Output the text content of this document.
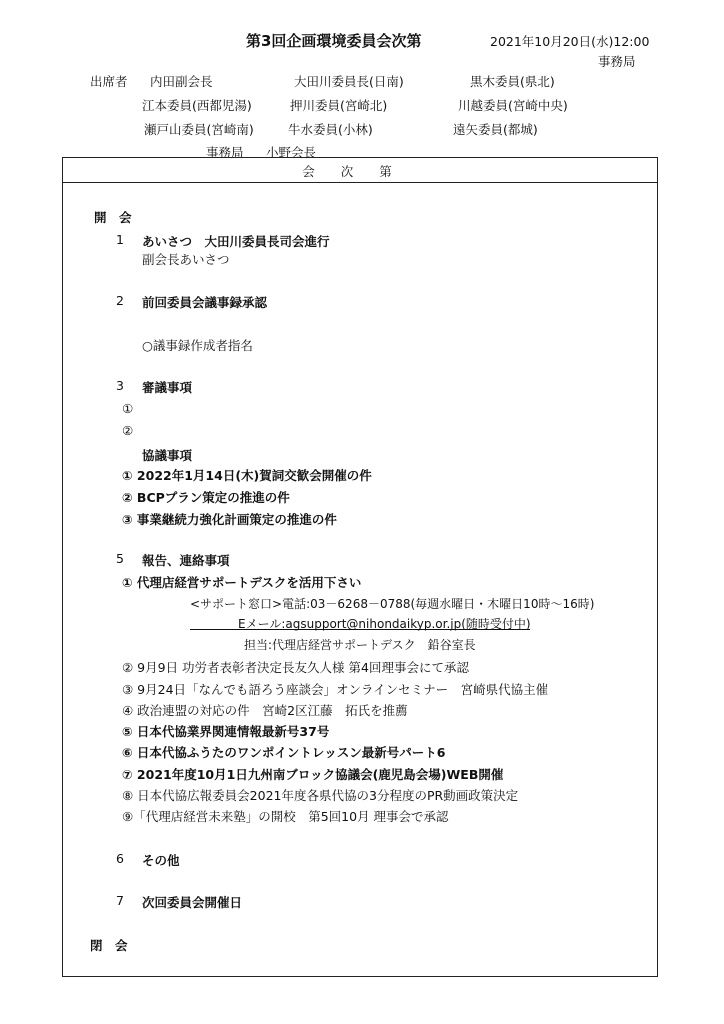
第3回企画環境委員会次第	2021年10月20日(水)12:00
事務局
出席者 内田副会長	大田川委員長(日南)	黒木委員(県北)
江本委員(西都児湯)	押川委員(宮崎北)	川越委員(宮崎中央)
瀬戸山委員(宮崎南)	牛水委員(小林)	遠矢委員(都城)
事務局 小野会長
会次第
開　会
1 あいさつ　大田川委員長司会進行
副会長あいさつ
2 前回委員会議事録承認
○議事録作成者指名
3 審議事項
①
②
協議事項
① 2022年1月14日(木)賀詞交歓会開催の件
② BCPプラン策定の推進の件
③ 事業継続力強化計画策定の推進の件
5 報告、連絡事項
① 代理店経営サポートデスクを活用下さい
<サポート窓口>電話:03－6268－0788(毎週水曜日・木曜日10時～16時)
Eメール:agsupport@nihondaikyp.or.jp(随時受付中)
担当:代理店経営サポートデスク　鉛谷室長
② 9月9日 功労者表彰者決定長友久人様 第4回理事会にて承認
③ 9月24日「なんでも語ろう座談会」オンラインセミナー　宮崎県代協主催
④ 政治連盟の対応の件　宮崎2区江藤　拓氏を推薦
⑤ 日本代協業界関連情報最新号37号
⑥ 日本代協ふうたのワンポイントレッスン最新号パート6
⑦ 2021年度10月1日九州南ブロック協議会(鹿児島会場)WEB開催
⑧ 日本代協広報委員会2021年度各県代協の3分程度のPR動画政策決定
⑨「代理店経営未来塾」の開校　第5回10月 理事会で承認
6 その他
7 次回委員会開催日
閉　会
